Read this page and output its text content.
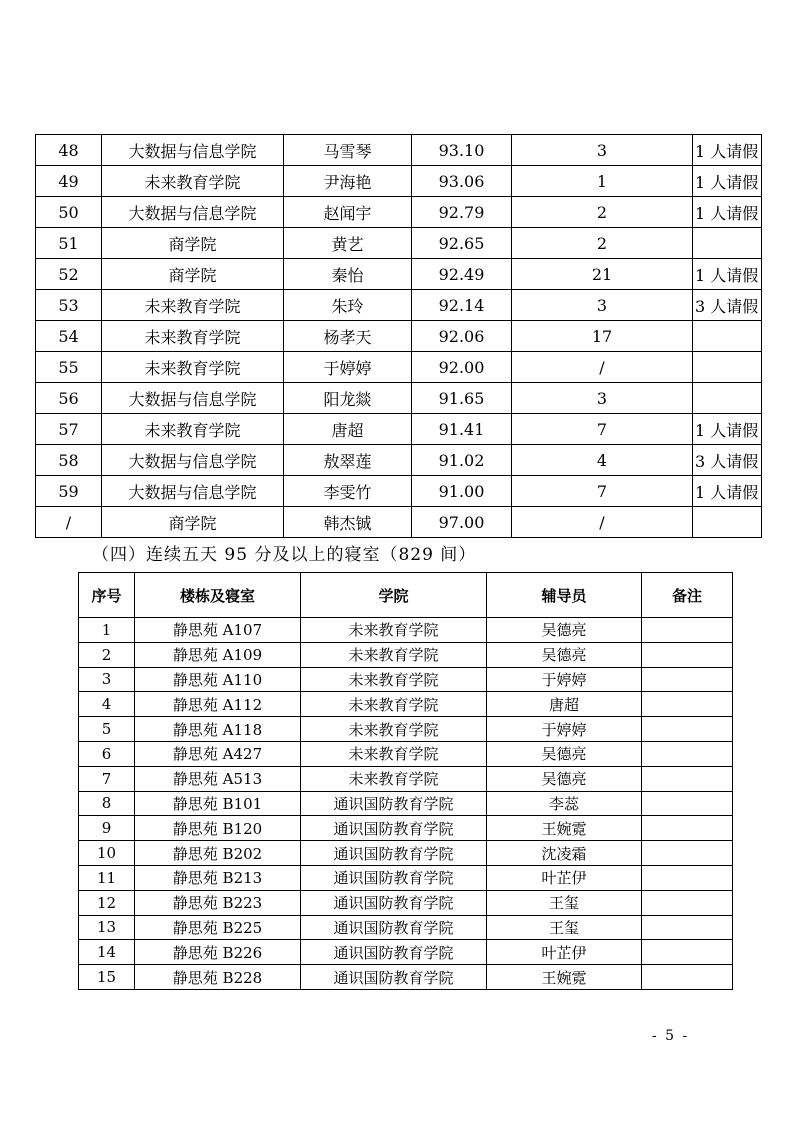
48	大数据与信息学院	马雪琴	93.10	3	1 人请假
49	未来教育学院	尹海艳	93.06	1	1 人请假
50	大数据与信息学院	赵闻宇	92.79	2	1 人请假
51	商学院	黄艺	92.65	2	
52	商学院	秦怡	92.49	21	1 人请假
53	未来教育学院	朱玲	92.14	3	3 人请假
54	未来教育学院	杨孝天	92.06	17	
55	未来教育学院	于婷婷	92.00	/	
56	大数据与信息学院	阳龙燚	91.65	3	
57	未来教育学院	唐超	91.41	7	1 人请假
58	大数据与信息学院	敖翠莲	91.02	4	3 人请假
59	大数据与信息学院	李雯竹	91.00	7	1 人请假
/	商学院	韩杰铖	97.00	/	
（四）连续五天 95 分及以上的寝室（829 间）
序号	楼栋及寝室	学院	辅导员	备注
1	静思苑 A107	未来教育学院	吴德亮	
2	静思苑 A109	未来教育学院	吴德亮	
3	静思苑 A110	未来教育学院	于婷婷	
4	静思苑 A112	未来教育学院	唐超	
5	静思苑 A118	未来教育学院	于婷婷	
6	静思苑 A427	未来教育学院	吴德亮	
7	静思苑 A513	未来教育学院	吴德亮	
8	静思苑 B101	通识国防教育学院	李蕊	
9	静思苑 B120	通识国防教育学院	王婉霓	
10	静思苑 B202	通识国防教育学院	沈凌霜	
11	静思苑 B213	通识国防教育学院	叶芷伊	
12	静思苑 B223	通识国防教育学院	王玺	
13	静思苑 B225	通识国防教育学院	王玺	
14	静思苑 B226	通识国防教育学院	叶芷伊	
15	静思苑 B228	通识国防教育学院	王婉霓	
- 5 -
